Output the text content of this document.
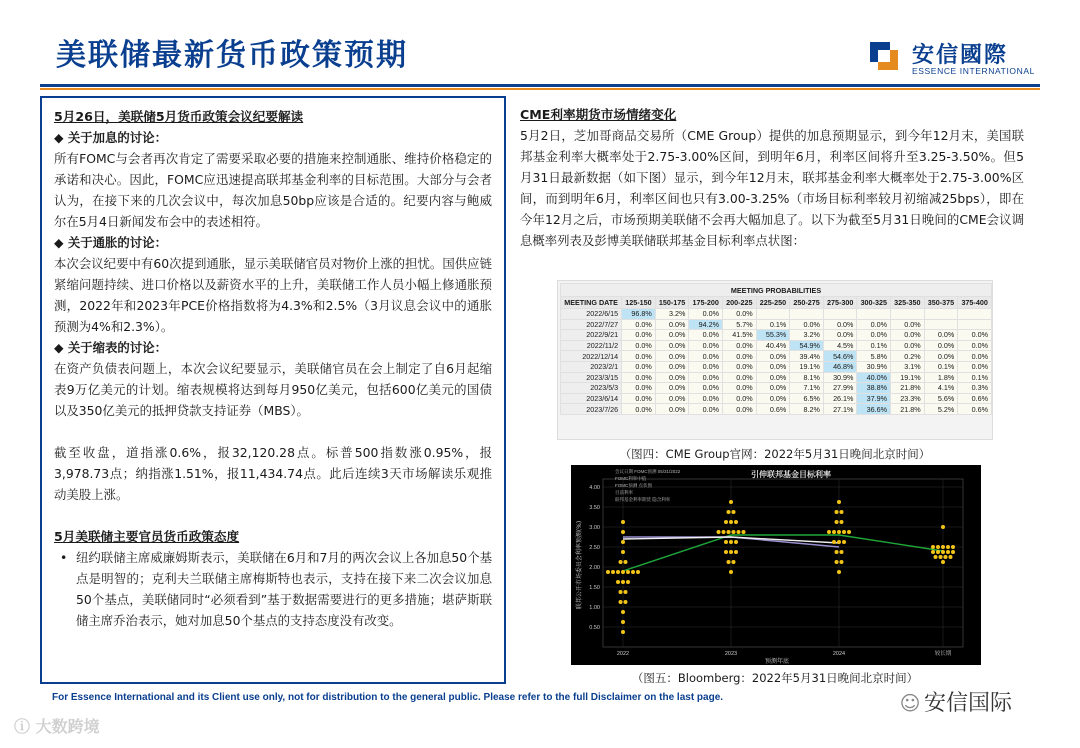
美联储最新货币政策预期	安信國際
ESSENCE INTERNATIONAL
5月26日，美联储5月货币政策会议纪要解读
◆ 关于加息的讨论：
所有FOMC与会者再次肯定了需要采取必要的措施来控制通胀、维持价格稳定的承诺和决心。因此，FOMC应迅速提高联邦基金利率的目标范围。大部分与会者认为，在接下来的几次会议中，每次加息50bp应该是合适的。纪要内容与鲍威尔在5月4日新闻发布会中的表述相符。
◆ 关于通胀的讨论：
本次会议纪要中有60次提到通胀，显示美联储官员对物价上涨的担忧。国供应链紧缩问题持续、进口价格以及薪资水平的上升，美联储工作人员小幅上修通胀预测，2022年和2023年PCE价格指数将为4.3%和2.5%（3月议息会议中的通胀预测为4%和2.3%）。
◆ 关于缩表的讨论：
在资产负债表问题上，本次会议纪要显示，美联储官员在会上制定了自6月起缩表9万亿美元的计划。缩表规模将达到每月950亿美元，包括600亿美元的国债以及350亿美元的抵押贷款支持证券（MBS）。
截至收盘，道指涨0.6%，报32,120.28点。标普500指数涨0.95%，报3,978.73点；纳指涨1.51%，报11,434.74点。此后连续3天市场解读乐观推动美股上涨。
5月美联储主要官员货币政策态度
• 纽约联储主席威廉姆斯表示，美联储在6月和7月的两次会议上各加息50个基点是明智的；克利夫兰联储主席梅斯特也表示，支持在接下来二次会议加息50个基点，美联储同时“必须看到”基于数据需要进行的更多措施；堪萨斯联储主席乔治表示，她对加息50个基点的支持态度没有改变。
CME利率期货市场情绪变化
5月2日，芝加哥商品交易所（CME Group）提供的加息预期显示，到今年12月末，美国联邦基金利率大概率处于2.75-3.00%区间，到明年6月，利率区间将升至3.25-3.50%。但5月31日最新数据（如下图）显示，到今年12月末，联邦基金利率大概率处于2.75-3.00%区间，而到明年6月，利率区间也只有3.00-3.25%（市场目标利率较月初缩减25bps），即在今年12月之后，市场预期美联储不会再大幅加息了。以下为截至5月31日晚间的CME会议调息概率列表及彭博美联储联邦基金目标利率点状图：
MEETING PROBABILITIES											
MEETING DATE	125-150	150-175	175-200	200-225	225-250	250-275	275-300	300-325	325-350	350-375	375-400
2022/6/15	96.8%	3.2%	0.0%	0.0%							
2022/7/27	0.0%	0.0%	94.2%	5.7%	0.1%	0.0%	0.0%	0.0%	0.0%		
2022/9/21	0.0%	0.0%	0.0%	41.5%	55.3%	3.2%	0.0%	0.0%	0.0%	0.0%	0.0%
2022/11/2	0.0%	0.0%	0.0%	0.0%	40.4%	54.9%	4.5%	0.1%	0.0%	0.0%	0.0%
2022/12/14	0.0%	0.0%	0.0%	0.0%	0.0%	39.4%	54.6%	5.8%	0.2%	0.0%	0.0%
2023/2/1	0.0%	0.0%	0.0%	0.0%	0.0%	19.1%	46.8%	30.9%	3.1%	0.1%	0.0%
2023/3/15	0.0%	0.0%	0.0%	0.0%	0.0%	8.1%	30.9%	40.0%	19.1%	1.8%	0.1%
2023/5/3	0.0%	0.0%	0.0%	0.0%	0.0%	7.1%	27.9%	38.8%	21.8%	4.1%	0.3%
2023/6/14	0.0%	0.0%	0.0%	0.0%	0.0%	6.5%	26.1%	37.9%	23.3%	5.6%	0.6%
2023/7/26	0.0%	0.0%	0.0%	0.0%	0.6%	8.2%	27.1%	36.6%	21.8%	5.2%	0.6%
（图四：CME Group官网：2022年5月31日晚间北京时间）
0.50
1.00
1.50
2.00
2.50
3.00
3.50
4.00
2022	2023	2024	较长期
预测年底
联邦公开市场委员会利率预测(%)
引伸联邦基金目标利率
会议日期 FOMC预测 05/31/2022
FOMC利率中值
FOMC预测 点状图
目前利率
联邦基金利率期货 隐含利率
（图五：Bloomberg：2022年5月31日晚间北京时间）
For Essence International and its Client use only, not for distribution to the general public. Please refer to the full Disclaimer on the last page.
ⓘ 大数跨境
☺ 安信国际
